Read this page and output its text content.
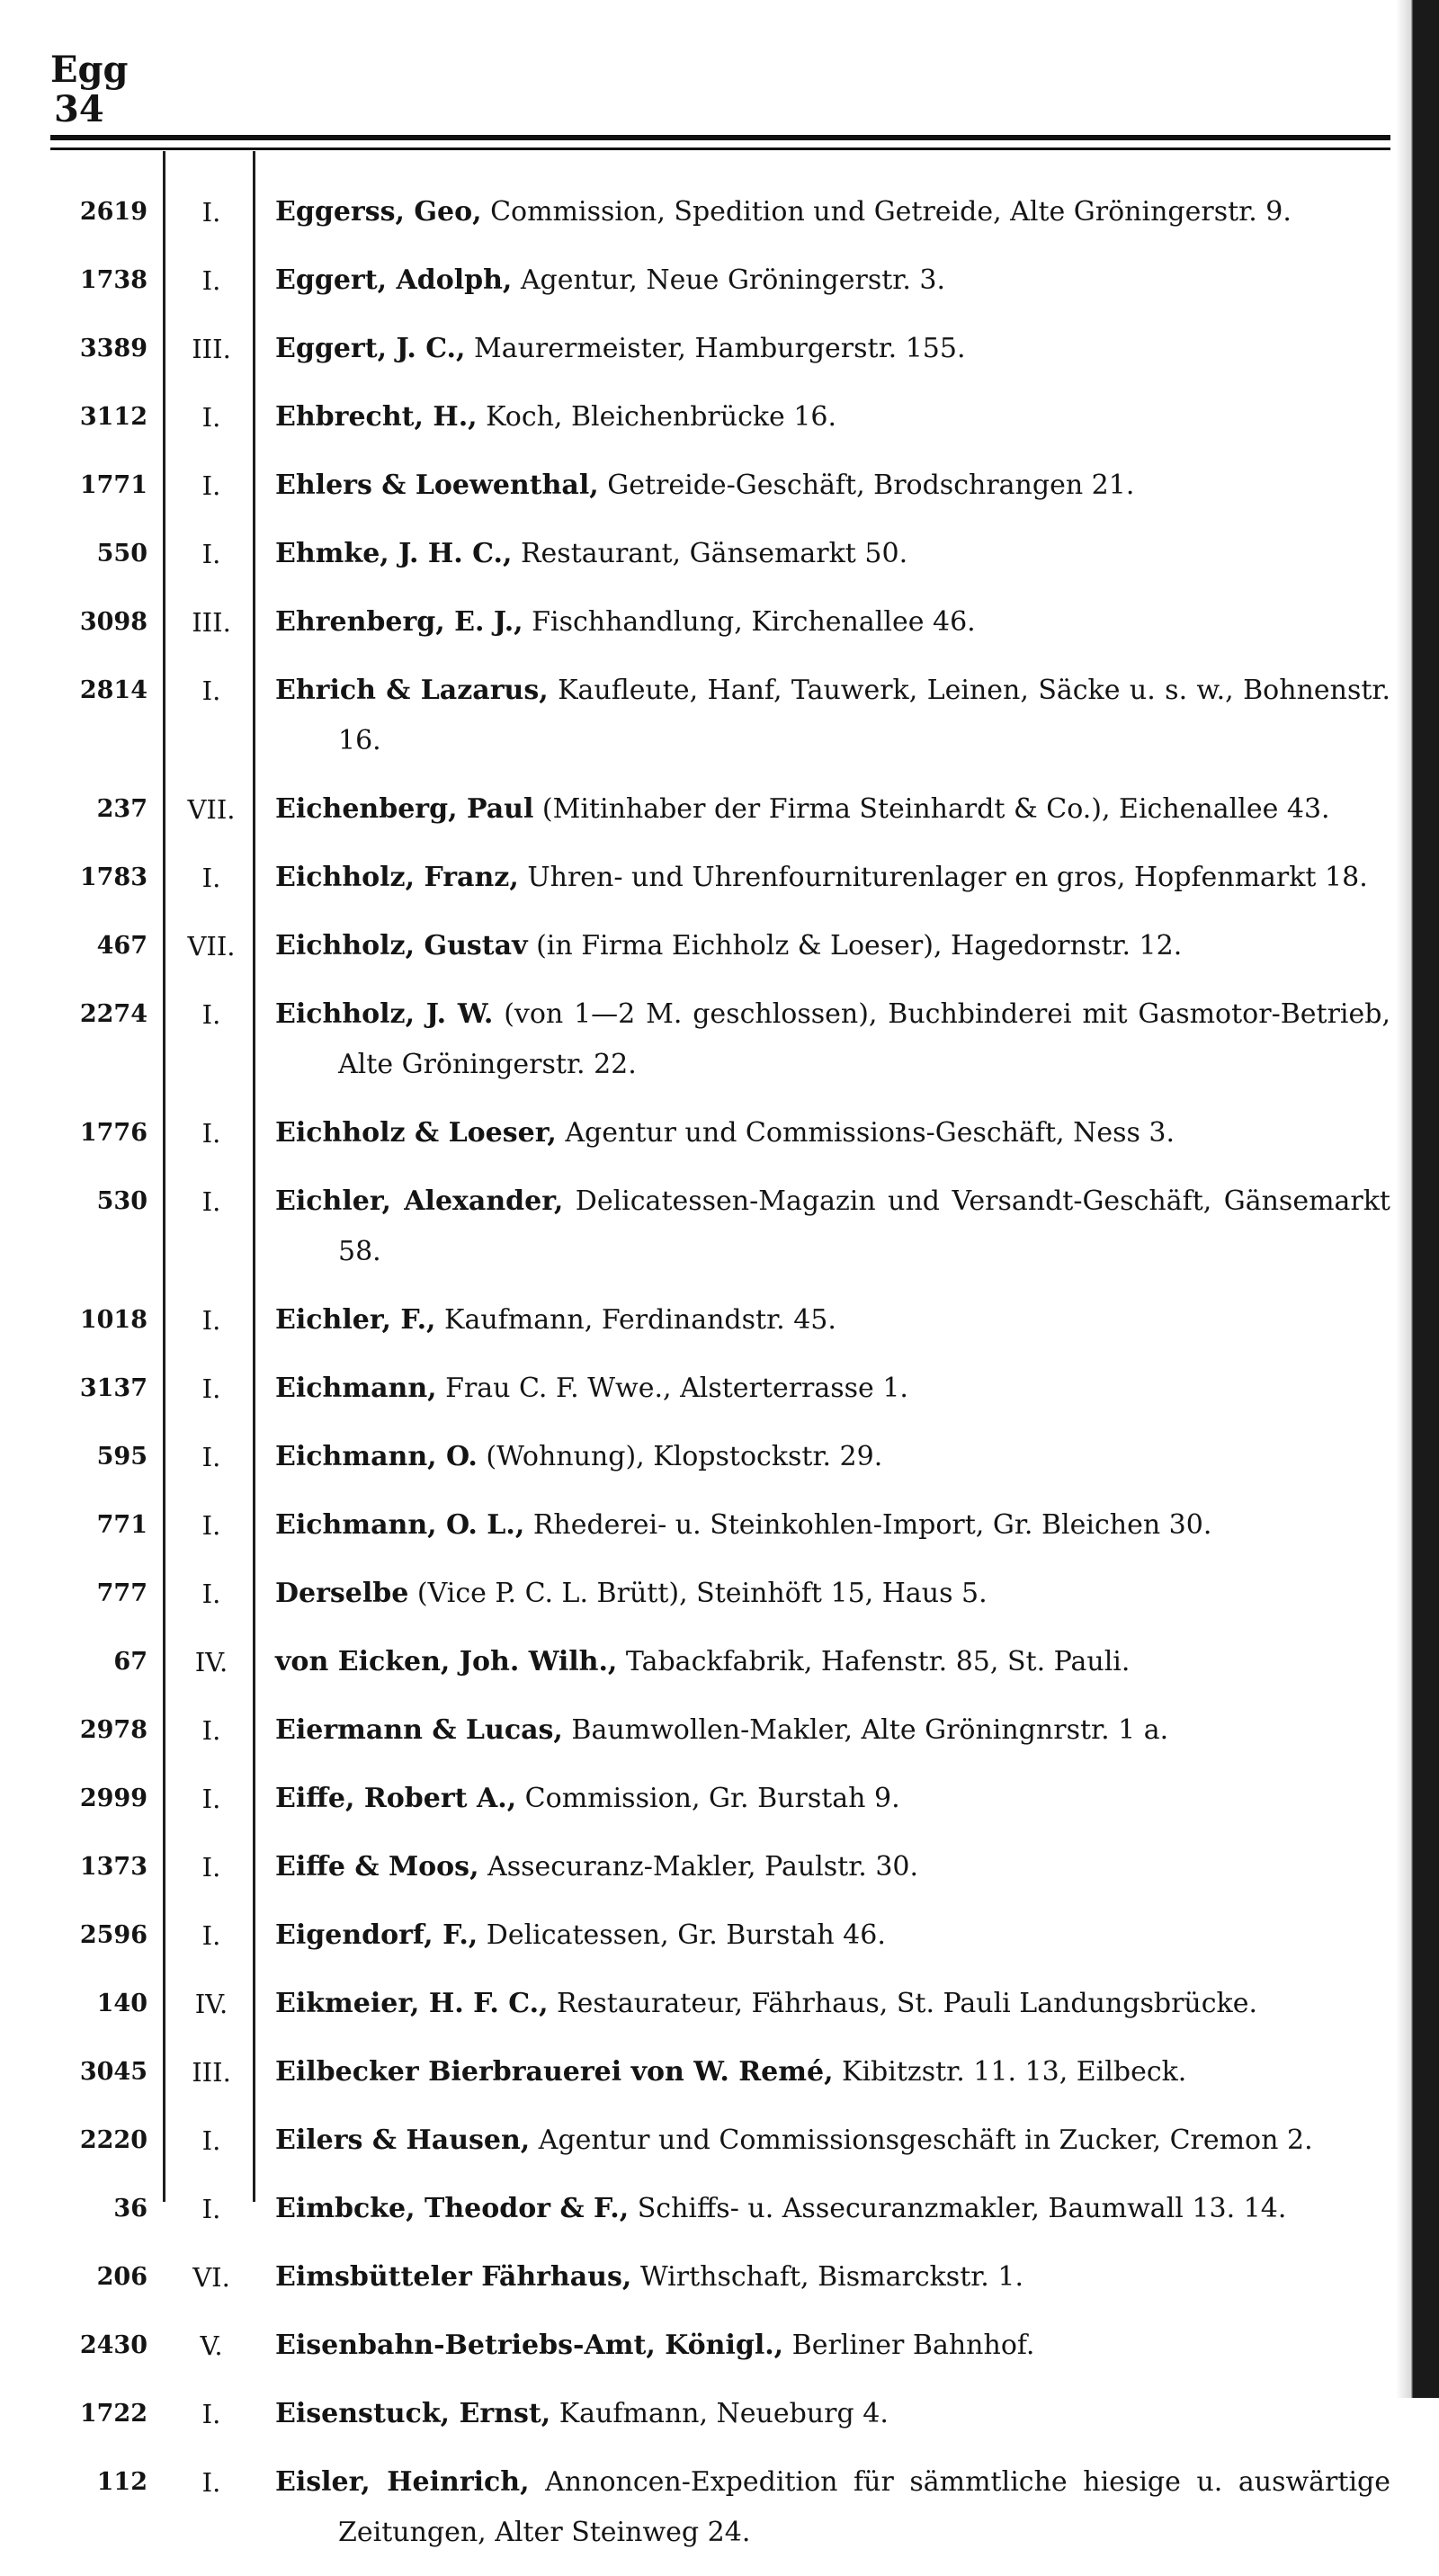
Egg
34
2619	I.	Eggerss, Geo, Commission, Spedition und Getreide, Alte Gröningerstr. 9.
1738	I.	Eggert, Adolph, Agentur, Neue Gröningerstr. 3.
3389	III.	Eggert, J. C., Maurermeister, Hamburgerstr. 155.
3112	I.	Ehbrecht, H., Koch, Bleichenbrücke 16.
1771	I.	Ehlers & Loewenthal, Getreide-Geschäft, Brodschrangen 21.
550	I.	Ehmke, J. H. C., Restaurant, Gänsemarkt 50.
3098	III.	Ehrenberg, E. J., Fischhandlung, Kirchenallee 46.
2814	I.	Ehrich & Lazarus, Kaufleute, Hanf, Tauwerk, Leinen, Säcke u. s. w., Bohnenstr. 16.
237	VII.	Eichenberg, Paul (Mitinhaber der Firma Steinhardt & Co.), Eichenallee 43.
1783	I.	Eichholz, Franz, Uhren- und Uhrenfourniturenlager en gros, Hopfenmarkt 18.
467	VII.	Eichholz, Gustav (in Firma Eichholz & Loeser), Hagedornstr. 12.
2274	I.	Eichholz, J. W. (von 1—2 M. geschlossen), Buchbinderei mit Gasmotor-Betrieb, Alte Gröningerstr. 22.
1776	I.	Eichholz & Loeser, Agentur und Commissions-Geschäft, Ness 3.
530	I.	Eichler, Alexander, Delicatessen-Magazin und Versandt-Geschäft, Gänsemarkt 58.
1018	I.	Eichler, F., Kaufmann, Ferdinandstr. 45.
3137	I.	Eichmann, Frau C. F. Wwe., Alsterterrasse 1.
595	I.	Eichmann, O. (Wohnung), Klopstockstr. 29.
771	I.	Eichmann, O. L., Rhederei- u. Steinkohlen-Import, Gr. Bleichen 30.
777	I.	Derselbe (Vice P. C. L. Brütt), Steinhöft 15, Haus 5.
67	IV.	von Eicken, Joh. Wilh., Tabackfabrik, Hafenstr. 85, St. Pauli.
2978	I.	Eiermann & Lucas, Baumwollen-Makler, Alte Gröningnrstr. 1 a.
2999	I.	Eiffe, Robert A., Commission, Gr. Burstah 9.
1373	I.	Eiffe & Moos, Assecuranz-Makler, Paulstr. 30.
2596	I.	Eigendorf, F., Delicatessen, Gr. Burstah 46.
140	IV.	Eikmeier, H. F. C., Restaurateur, Fährhaus, St. Pauli Landungsbrücke.
3045	III.	Eilbecker Bierbrauerei von W. Remé, Kibitzstr. 11. 13, Eilbeck.
2220	I.	Eilers & Hausen, Agentur und Commissionsgeschäft in Zucker, Cremon 2.
36	I.	Eimbcke, Theodor & F., Schiffs- u. Assecuranzmakler, Baumwall 13. 14.
206	VI.	Eimsbütteler Fährhaus, Wirthschaft, Bismarckstr. 1.
2430	V.	Eisenbahn-Betriebs-Amt, Königl., Berliner Bahnhof.
1722	I.	Eisenstuck, Ernst, Kaufmann, Neueburg 4.
112	I.	Eisler, Heinrich, Annoncen-Expedition für sämmtliche hiesige u. auswärtige Zeitungen, Alter Steinweg 24.
